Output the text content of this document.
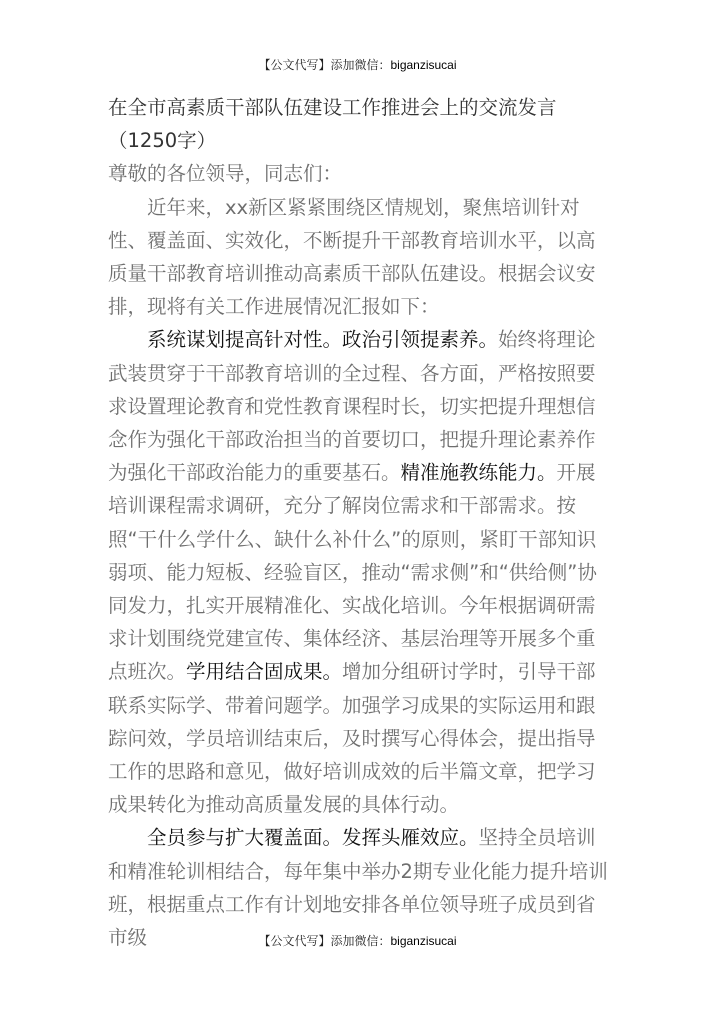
【公文代写】添加微信：biganzisucai

在全市高素质干部队伍建设工作推进会上的交流发言（1250字）

尊敬的各位领导，同志们：

近年来，xx新区紧紧围绕区情规划，聚焦培训针对性、覆盖面、实效化，不断提升干部教育培训水平，以高质量干部教育培训推动高素质干部队伍建设。根据会议安排，现将有关工作进展情况汇报如下：

系统谋划提高针对性。政治引领提素养。始终将理论武装贯穿于干部教育培训的全过程、各方面，严格按照要求设置理论教育和党性教育课程时长，切实把提升理想信念作为强化干部政治担当的首要切口，把提升理论素养作为强化干部政治能力的重要基石。精准施教练能力。开展培训课程需求调研，充分了解岗位需求和干部需求。按照“干什么学什么、缺什么补什么”的原则，紧盯干部知识弱项、能力短板、经验盲区，推动“需求侧”和“供给侧”协同发力，扎实开展精准化、实战化培训。今年根据调研需求计划围绕党建宣传、集体经济、基层治理等开展多个重点班次。学用结合固成果。增加分组研讨学时，引导干部联系实际学、带着问题学。加强学习成果的实际运用和跟踪问效，学员培训结束后，及时撰写心得体会，提出指导工作的思路和意见，做好培训成效的后半篇文章，把学习成果转化为推动高质量发展的具体行动。

全员参与扩大覆盖面。发挥头雁效应。坚持全员培训和精准轮训相结合，每年集中举办2期专业化能力提升培训班，根据重点工作有计划地安排各单位领导班子成员到省市级	【公文代写】添加微信：biganzisucai
